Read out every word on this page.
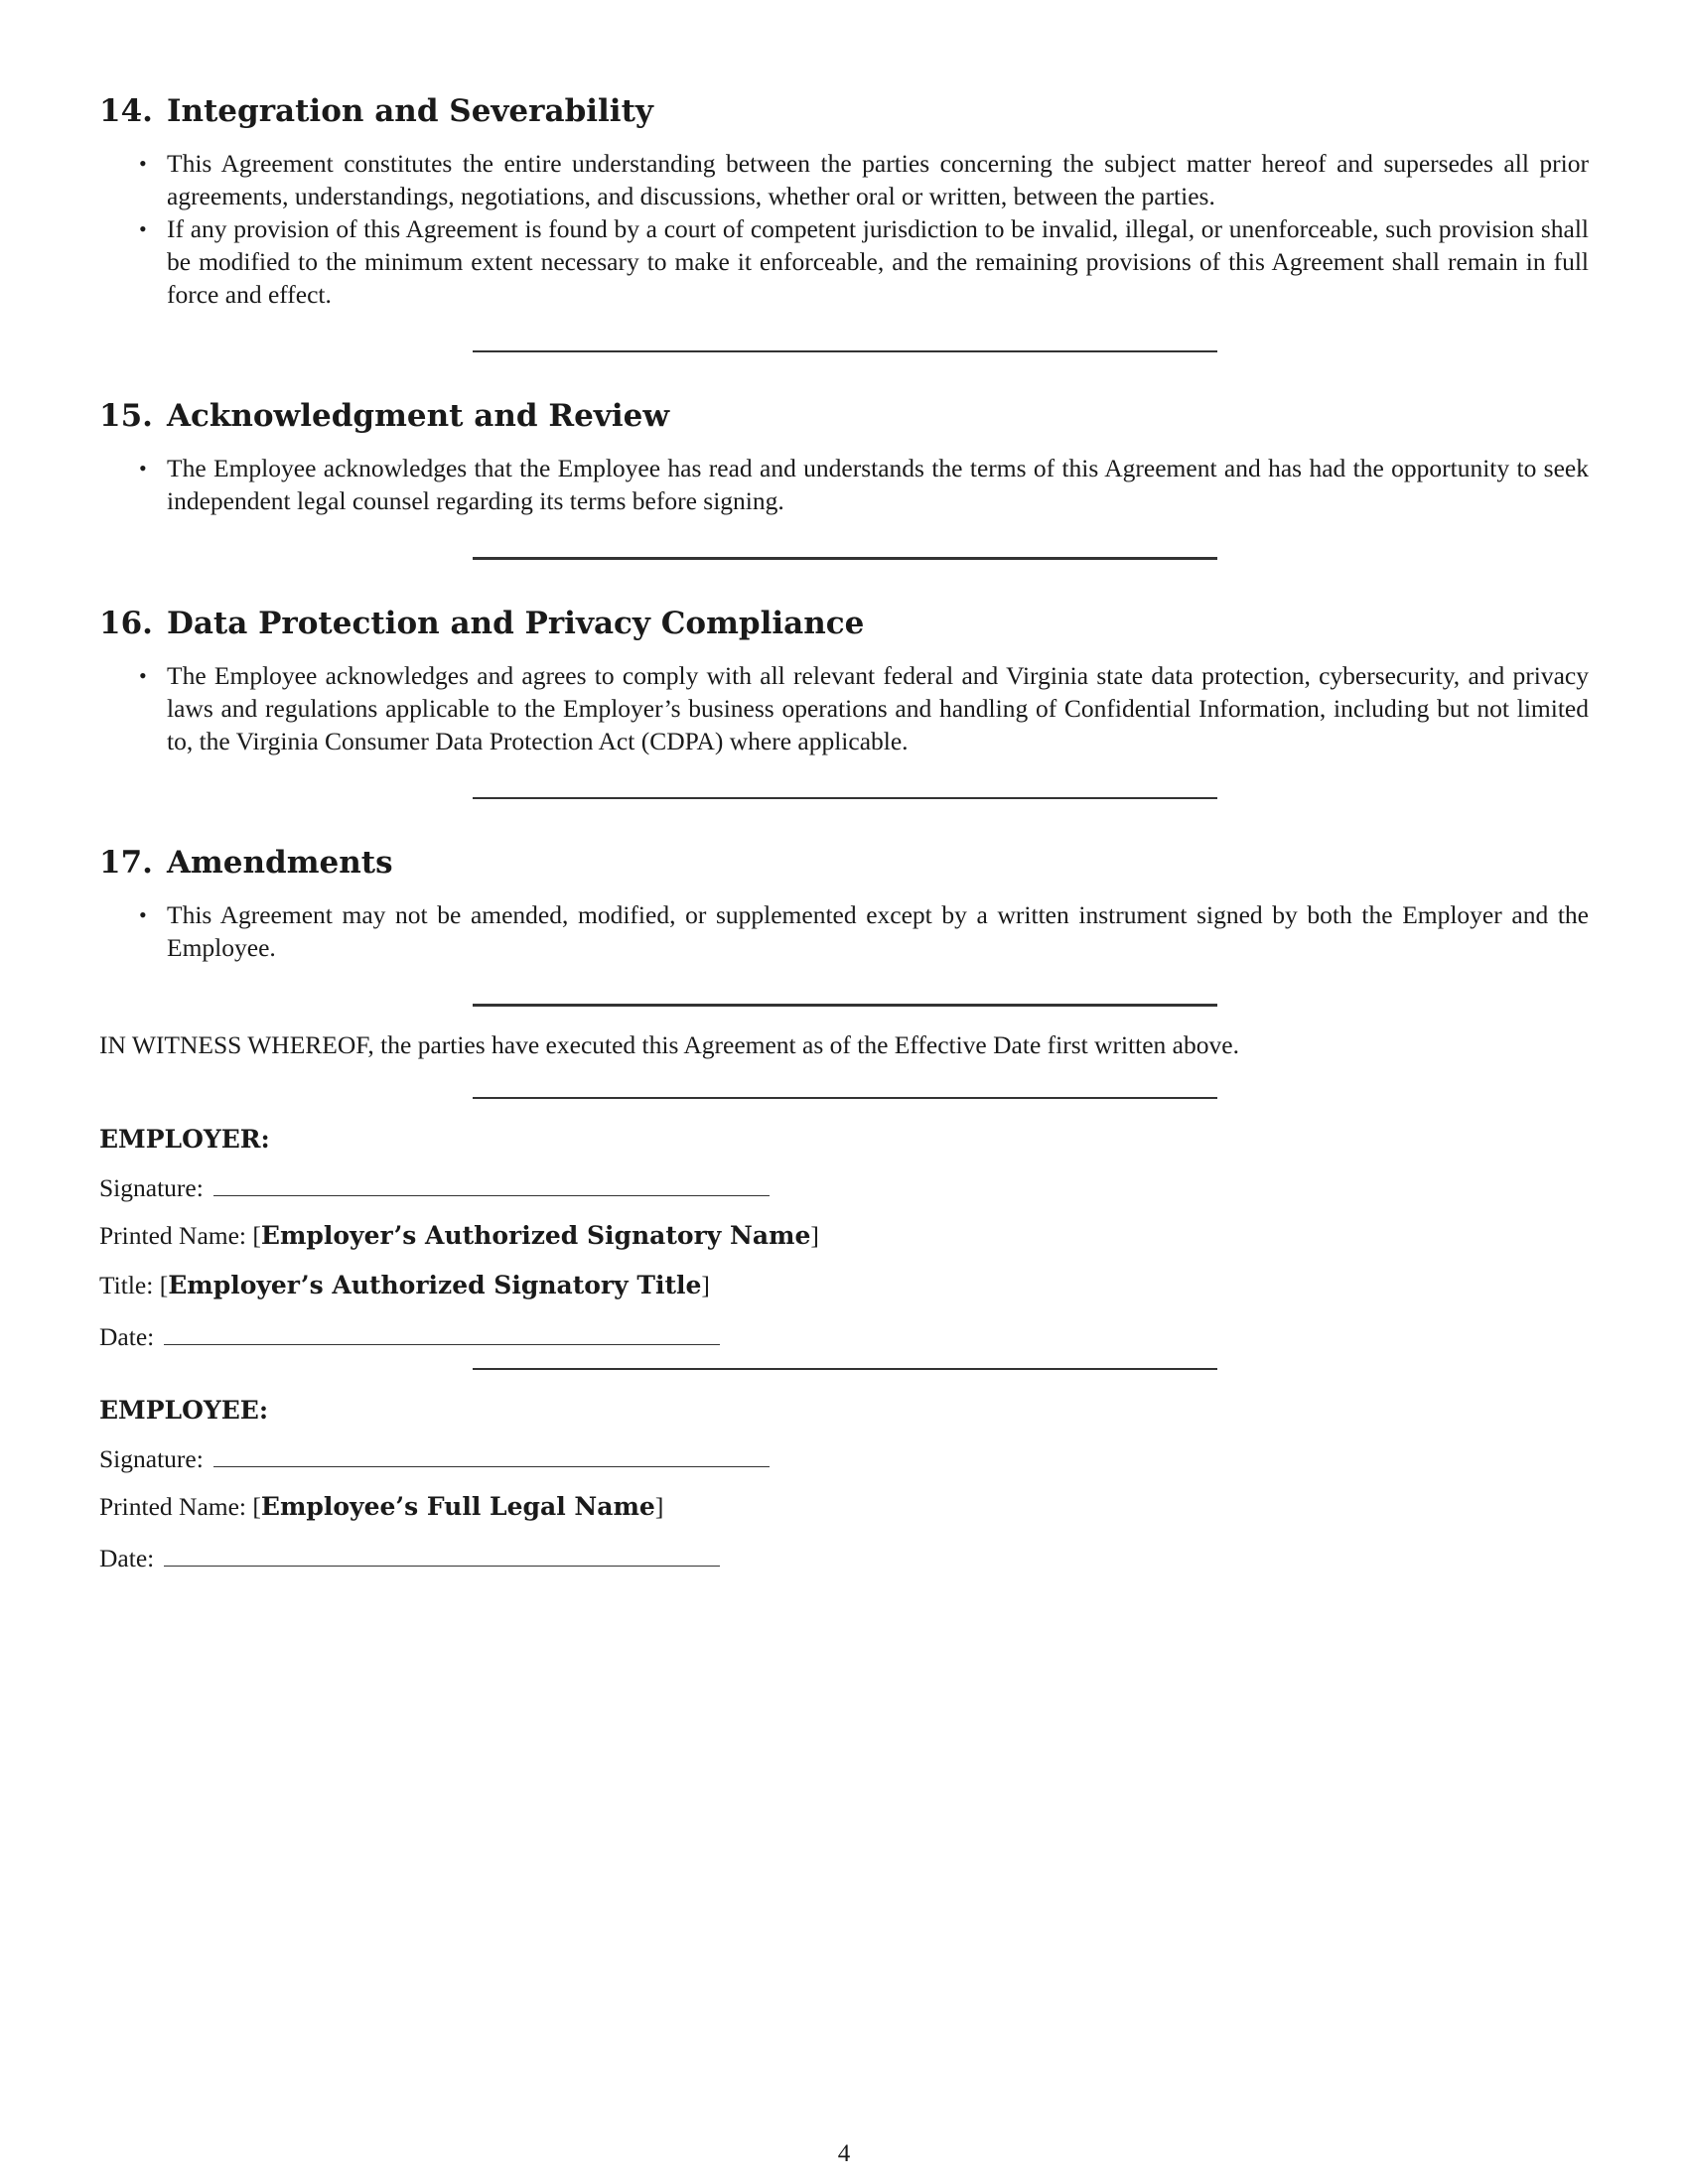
14. Integration and Severability
• This Agreement constitutes the entire understanding between the parties concerning the subject matter hereof and supersedes all prior agreements, understandings, negotiations, and discussions, whether oral or written, between the parties.
• If any provision of this Agreement is found by a court of competent jurisdiction to be invalid, illegal, or unenforceable, such provision shall be modified to the minimum extent necessary to make it enforceable, and the remaining provisions of this Agreement shall remain in full force and effect.
15. Acknowledgment and Review
• The Employee acknowledges that the Employee has read and understands the terms of this Agreement and has had the opportunity to seek independent legal counsel regarding its terms before signing.
16. Data Protection and Privacy Compliance
• The Employee acknowledges and agrees to comply with all relevant federal and Virginia state data protection, cybersecurity, and privacy laws and regulations applicable to the Employer’s business operations and handling of Confidential Information, including but not limited to, the Virginia Consumer Data Protection Act (CDPA) where applicable.
17. Amendments
• This Agreement may not be amended, modified, or supplemented except by a written instrument signed by both the Employer and the Employee.

IN WITNESS WHEREOF, the parties have executed this Agreement as of the Effective Date first written above.

EMPLOYER:
Signature:
Printed Name: [Employer’s Authorized Signatory Name]
Title: [Employer’s Authorized Signatory Title]
Date:
EMPLOYEE:
Signature:
Printed Name: [Employee’s Full Legal Name]
Date:
4
